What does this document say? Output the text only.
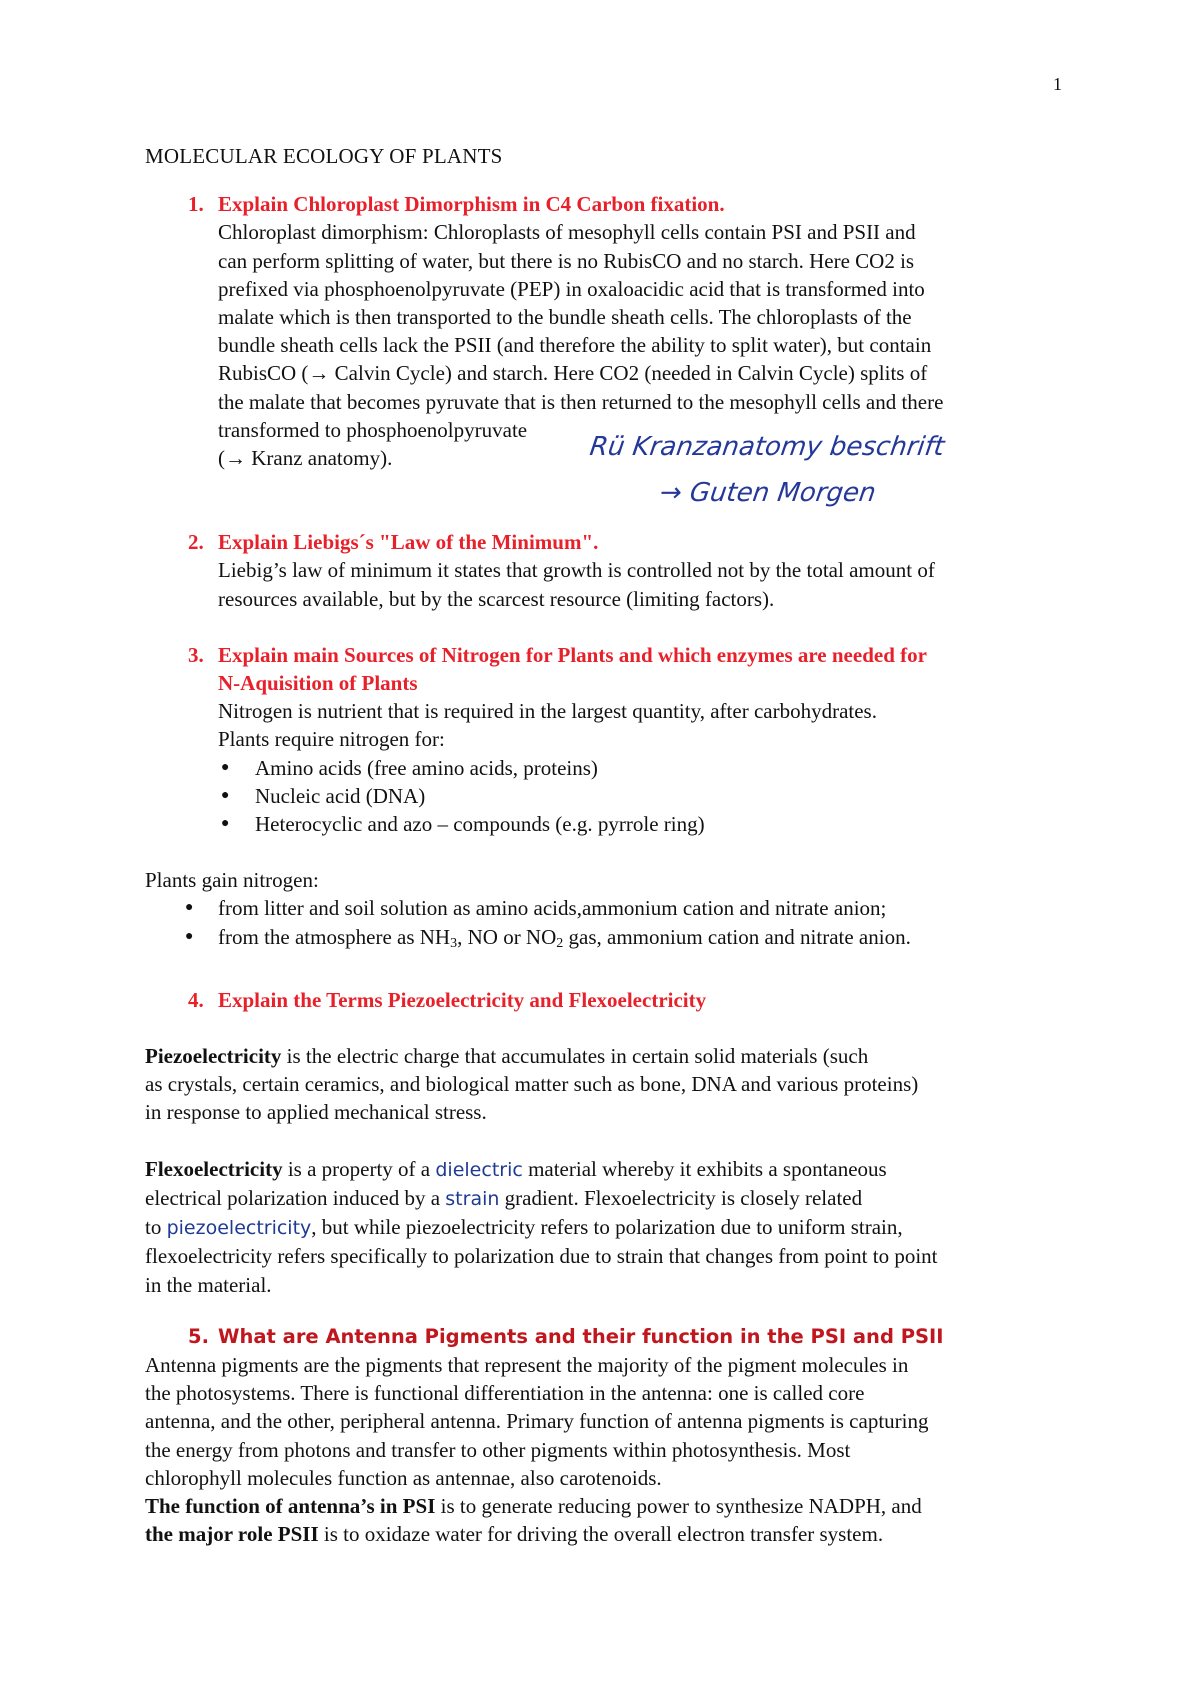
1
MOLECULAR ECOLOGY OF PLANTS
1. Explain Chloroplast Dimorphism in C4 Carbon fixation.

Chloroplast dimorphism: Chloroplasts of mesophyll cells contain PSI and PSII and

can perform splitting of water, but there is no RubisCO and no starch. Here CO2 is

prefixed via phosphoenolpyruvate (PEP) in oxaloacidic acid that is transformed into

malate which is then transported to the bundle sheath cells. The chloroplasts of the

bundle sheath cells lack the PSII (and therefore the ability to split water), but contain

RubisCO (→ Calvin Cycle) and starch. Here CO2 (needed in Calvin Cycle) splits of

the malate that becomes pyruvate that is then returned to the mesophyll cells and there

transformed to phosphoenolpyruvate

(→ Kranz anatomy).

2. Explain Liebigs´s "Law of the Minimum".

Liebig’s law of minimum it states that growth is controlled not by the total amount of

resources available, but by the scarcest resource (limiting factors).

3. Explain main Sources of Nitrogen for Plants and which enzymes are needed for
N-Aquisition of Plants

Nitrogen is nutrient that is required in the largest quantity, after carbohydrates.

Plants require nitrogen for:

● Amino acids (free amino acids, proteins)
● Nucleic acid (DNA)
● Heterocyclic and azo – compounds (e.g. pyrrole ring)

Plants gain nitrogen:

● from litter and soil solution as amino acids,ammonium cation and nitrate anion;
● from the atmosphere as $NH_3$, NO or $NO_2$ gas, ammonium cation and nitrate anion.
4. Explain the Terms Piezoelectricity and Flexoelectricity

Piezoelectricity is the electric charge that accumulates in certain solid materials (such

as crystals, certain ceramics, and biological matter such as bone, DNA and various proteins)

in response to applied mechanical stress.

Flexoelectricity is a property of a dielectric material whereby it exhibits a spontaneous

electrical polarization induced by a strain gradient. Flexoelectricity is closely related

to piezoelectricity, but while piezoelectricity refers to polarization due to uniform strain,

flexoelectricity refers specifically to polarization due to strain that changes from point to point

in the material.

5. What are Antenna Pigments and their function in the PSI and PSII

Antenna pigments are the pigments that represent the majority of the pigment molecules in

the photosystems. There is functional differentiation in the antenna: one is called core

antenna, and the other, peripheral antenna. Primary function of antenna pigments is capturing

the energy from photons and transfer to other pigments within photosynthesis. Most

chlorophyll molecules function as antennae, also carotenoids.

The function of antenna’s in PSI is to generate reducing power to synthesize NADPH, and

the major role PSII is to oxidaze water for driving the overall electron transfer system.

Rü Kranzanatomy beschrift
→ Guten Morgen
